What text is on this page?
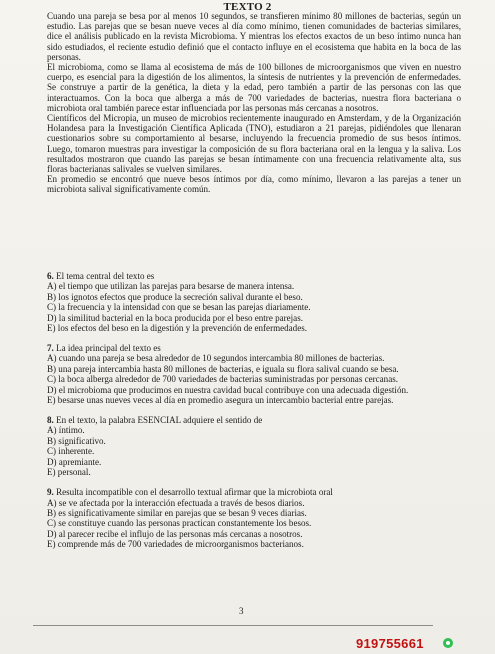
TEXTO 2

Cuando una pareja se besa por al menos 10 segundos, se transfieren mínimo 80 millones de bacterias, según un estudio. Las parejas que se besan nueve veces al día como mínimo, tienen comunidades de bacterias similares, dice el análisis publicado en la revista Microbioma. Y mientras los efectos exactos de un beso íntimo nunca han sido estudiados, el reciente estudio definió que el contacto influye en el ecosistema que habita en la boca de las personas.

El microbioma, como se llama al ecosistema de más de 100 billones de microorganismos que viven en nuestro cuerpo, es esencial para la digestión de los alimentos, la síntesis de nutrientes y la prevención de enfermedades. Se construye a partir de la genética, la dieta y la edad, pero también a partir de las personas con las que interactuamos. Con la boca que alberga a más de 700 variedades de bacterias, nuestra flora bacteriana o microbiota oral también parece estar influenciada por las personas más cercanas a nosotros.

Científicos del Micropia, un museo de microbios recientemente inaugurado en Amsterdam, y de la Organización Holandesa para la Investigación Científica Aplicada (TNO), estudiaron a 21 parejas, pidiéndoles que llenaran cuestionarios sobre su comportamiento al besarse, incluyendo la frecuencia promedio de sus besos íntimos. Luego, tomaron muestras para investigar la composición de su flora bacteriana oral en la lengua y la saliva. Los resultados mostraron que cuando las parejas se besan íntimamente con una frecuencia relativamente alta, sus floras bacterianas salivales se vuelven similares.

En promedio se encontró que nueve besos íntimos por día, como mínimo, llevaron a las parejas a tener un microbiota salival significativamente común.

6. El tema central del texto es

A) el tiempo que utilizan las parejas para besarse de manera intensa.

B) los ignotos efectos que produce la secreción salival durante el beso.

C) la frecuencia y la intensidad con que se besan las parejas diariamente.

D) la similitud bacterial en la boca producida por el beso entre parejas.

E) los efectos del beso en la digestión y la prevención de enfermedades.

7. La idea principal del texto es

A) cuando una pareja se besa alrededor de 10 segundos intercambia 80 millones de bacterias.

B) una pareja intercambia hasta 80 millones de bacterias, e iguala su flora salival cuando se besa.

C) la boca alberga alrededor de 700 variedades de bacterias suministradas por personas cercanas.

D) el microbioma que producimos en nuestra cavidad bucal contribuye con una adecuada digestión.

E) besarse unas nueves veces al día en promedio asegura un intercambio bacterial entre parejas.

8. En el texto, la palabra ESENCIAL adquiere el sentido de

A) íntimo.

B) significativo.

C) inherente.

D) apremiante.

E) personal.

9. Resulta incompatible con el desarrollo textual afirmar que la microbiota oral

A) se ve afectada por la interacción efectuada a través de besos diarios.

B) es significativamente similar en parejas que se besan 9 veces diarias.

C) se constituye cuando las personas practican constantemente los besos.

D) al parecer recibe el influjo de las personas más cercanas a nosotros.

E) comprende más de 700 variedades de microorganismos bacterianos.

3
919755661
